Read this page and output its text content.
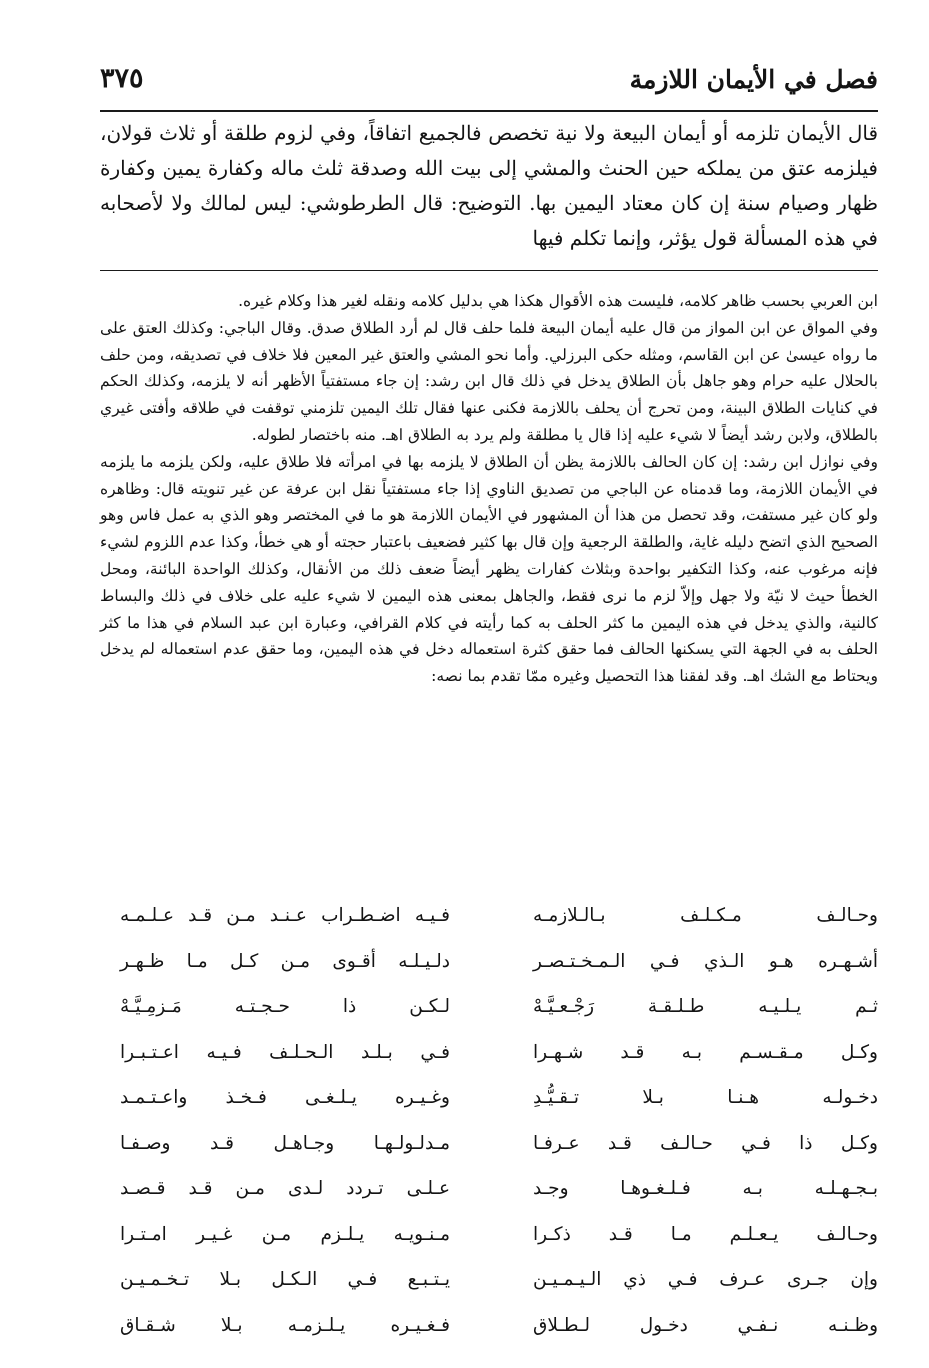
فصل في الأيمان اللازمة
٣٧٥

قال الأيمان تلزمه أو أيمان البيعة ولا نية تخصص فالجميع اتفاقاً، وفي لزوم طلقة أو ثلاث قولان، فيلزمه عتق من يملكه حين الحنث والمشي إلى بيت الله وصدقة ثلث ماله وكفارة يمين وكفارة ظهار وصيام سنة إن كان معتاد اليمين بها. التوضيح: قال الطرطوشي: ليس لمالك ولا لأصحابه في هذه المسألة قول يؤثر، وإنما تكلم فيها

ابن العربي بحسب ظاهر كلامه، فليست هذه الأقوال هكذا هي بدليل كلامه ونقله لغير هذا وكلام غيره.

وفي المواق عن ابن المواز من قال عليه أيمان البيعة فلما حلف قال لم أرد الطلاق صدق. وقال الباجي: وكذلك العتق على ما رواه عيسىٰ عن ابن القاسم، ومثله حكى البرزلي. وأما نحو المشي والعتق غير المعين فلا خلاف في تصديقه، ومن حلف بالحلال عليه حرام وهو جاهل بأن الطلاق يدخل في ذلك قال ابن رشد: إن جاء مستفتياً الأظهر أنه لا يلزمه، وكذلك الحكم في كنايات الطلاق البينة، ومن تحرج أن يحلف باللازمة فكنى عنها فقال تلك اليمين تلزمني توقفت في طلاقه وأفتى غيري بالطلاق، ولابن رشد أيضاً لا شيء عليه إذا قال يا مطلقة ولم يرد به الطلاق اهـ. منه باختصار لطوله.

وفي نوازل ابن رشد: إن كان الحالف باللازمة يظن أن الطلاق لا يلزمه بها في امرأته فلا طلاق عليه، ولكن يلزمه ما يلزمه في الأيمان اللازمة، وما قدمناه عن الباجي من تصديق الناوي إذا جاء مستفتياً نقل ابن عرفة عن غير تنويته قال: وظاهره ولو كان غير مستفت، وقد تحصل من هذا أن المشهور في الأيمان اللازمة هو ما في المختصر وهو الذي به عمل فاس وهو الصحيح الذي اتضح دليله غاية، والطلقة الرجعية وإن قال بها كثير فضعيف باعتبار حجته أو هي خطأ، وكذا عدم اللزوم لشيء فإنه مرغوب عنه، وكذا التكفير بواحدة وبثلاث كفارات يظهر أيضاً ضعف ذلك من الأنقال، وكذلك الواحدة البائنة، ومحل الخطأ حيث لا نيّة ولا جهل وإلاّ لزم ما نرى فقط، والجاهل بمعنى هذه اليمين لا شيء عليه على خلاف في ذلك والبساط كالنية، والذي يدخل في هذه اليمين ما كثر الحلف به كما رأيته في كلام القرافي، وعبارة ابن عبد السلام في هذا ما كثر الحلف به في الجهة التي يسكنها الحالف فما حقق كثرة استعماله دخل في هذه اليمين، وما حقق عدم استعماله لم يدخل ويحتاط مع الشك اهـ. وقد لفقنا هذا التحصيل وغيره ممّا تقدم بما نصه:

وحـالـف مـكـلـف بـالـلازمـه
فـيـه اضـطـراب عـنـد مـن قـد عـلـمـه
أشـهـره هـو الـذي فـي الـمـخـتـصـر
دلـيـلـه أقـوى مـن كـل مـا ظـهـر
ثـم يـلـيـه طـلـقـة رَجْـعـيَّـهْ
لـكـن ذا حـجـتـه مَـزمِـيَّـهْ
وكـل مـقـسـم بـه قـد شـهـرا
فـي بـلـد الـحـلـف فـيـه اعـتـبـرا
دخـولـه هـنـا بـلا تـقـيُّـدِ
وغـيـره يـلـغـى فـخـذ واعـتـمـد
وكـل ذا فـي حـالـف قـد عـرفـا
مـدلـولـهـا وجـاهـل قـد وصـفـا
بـجـهـلـه بـه فـلـغـوهـا وجـد
عـلـى تـردد لـدى مـن قـد قـصـد
وحـالـف يـعـلـم مـا قـد ذكـرا
مـنـويـه يـلـزم مـن غـيـر امـتـرا
وإن جـرى عـرف فـي ذي الـيـمـيـن
يـتـبـع فـي الـكـل بـلا تـخـمـيـن
وظـنـه نـفـي دخـول لـطـلاق
فـغـيـره يـلـزمـه بـلا شـقـاق
